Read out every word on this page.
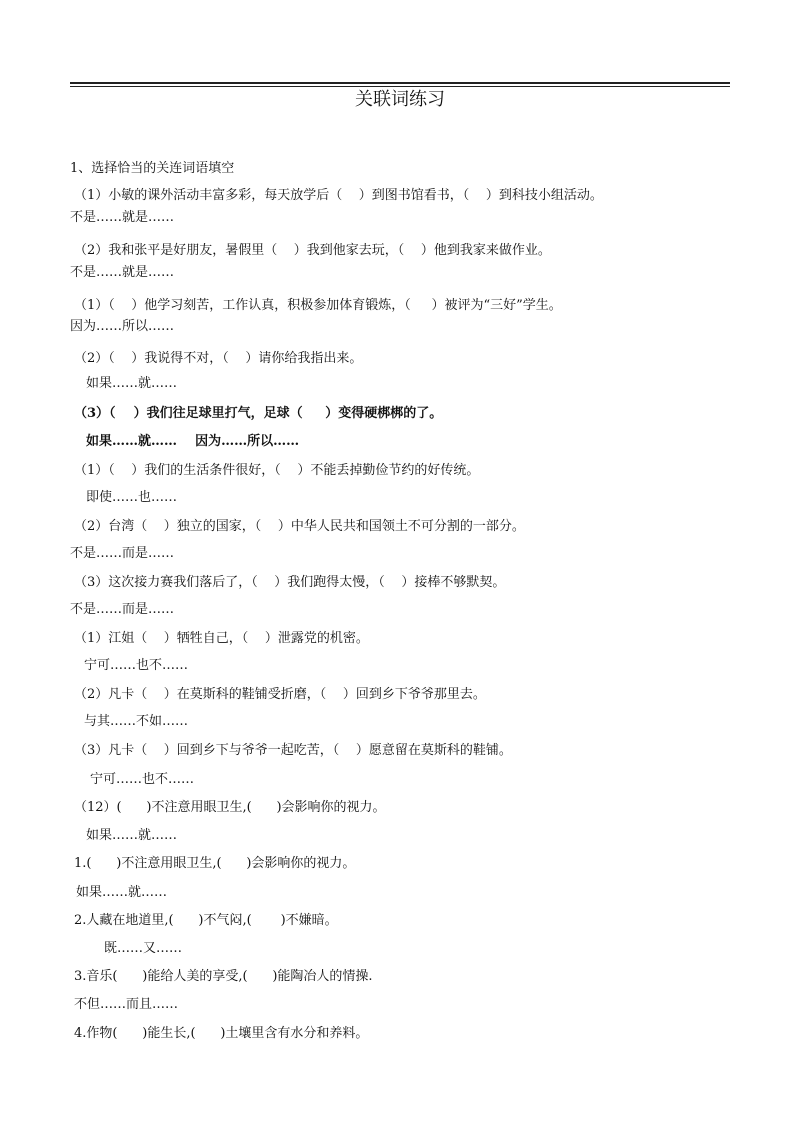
关联词练习
1、选择恰当的关连词语填空
（1）小敏的课外活动丰富多彩，每天放学后（    ）到图书馆看书，（    ）到科技小组活动。
不是……就是……
（2）我和张平是好朋友，暑假里（    ）我到他家去玩，（    ）他到我家来做作业。
不是……就是……
（1）（    ）他学习刻苦，工作认真，积极参加体育锻炼，（     ）被评为“三好”学生。
因为……所以……
（2）（    ）我说得不对，（    ）请你给我指出来。
如果……就……
（3）（    ）我们往足球里打气，足球（     ）变得硬梆梆的了。
如果……就……    因为……所以……
（1）（    ）我们的生活条件很好，（    ）不能丢掉勤俭节约的好传统。
即使……也……
（2）台湾（    ）独立的国家，（    ）中华人民共和国领土不可分割的一部分。
不是……而是……
（3）这次接力赛我们落后了，（    ）我们跑得太慢，（    ）接棒不够默契。
不是……而是……
（1）江姐（    ）牺牲自己，（    ）泄露党的机密。
宁可……也不……
（2）凡卡（    ）在莫斯科的鞋铺受折磨，（    ）回到乡下爷爷那里去。
与其……不如……
（3）凡卡（    ）回到乡下与爷爷一起吃苦，（    ）愿意留在莫斯科的鞋铺。
宁可……也不……
（12）(      )不注意用眼卫生,(      )会影响你的视力。
如果……就……
1.(      )不注意用眼卫生,(      )会影响你的视力。
如果……就……
2.人藏在地道里,(      )不气闷,(       )不嫌暗。
既……又……
3.音乐(      )能给人美的享受,(      )能陶冶人的情操.
不但……而且……
4.作物(      )能生长,(      )土壤里含有水分和养料。
